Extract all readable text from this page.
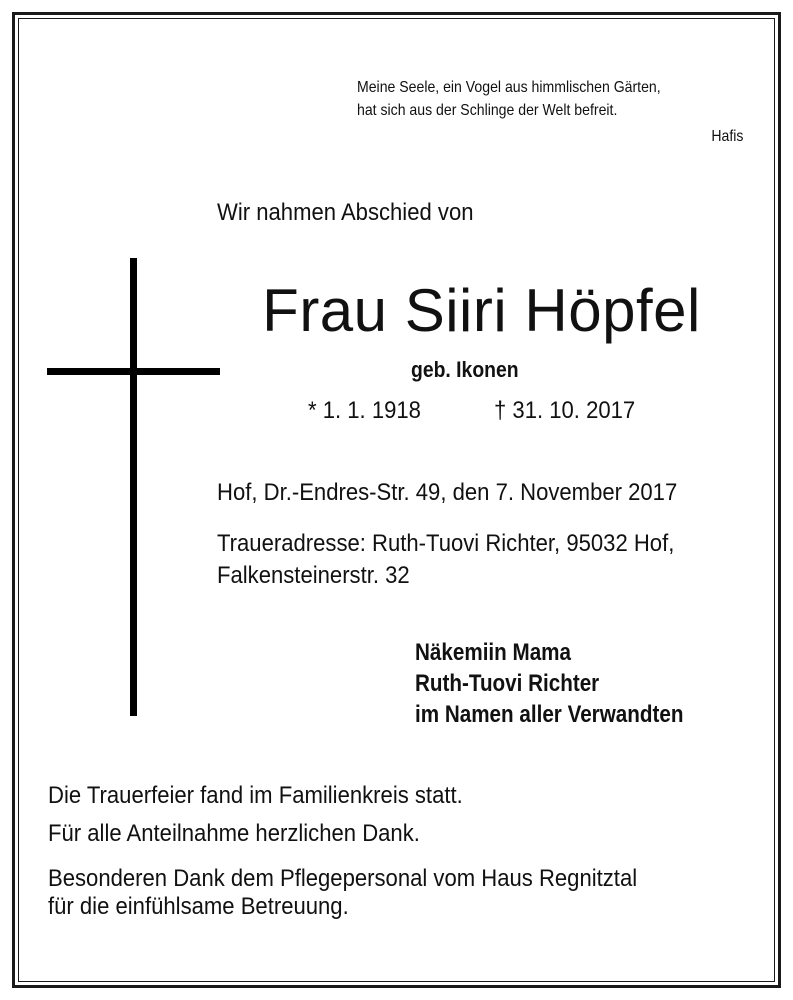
Meine Seele, ein Vogel aus himmlischen Gärten,
hat sich aus der Schlinge der Welt befreit.
Hafis
Wir nahmen Abschied von
Frau Siiri Höpfel
geb. Ikonen
* 1. 1. 1918	† 31. 10. 2017
Hof, Dr.-Endres-Str. 49, den 7. November 2017
Traueradresse: Ruth-Tuovi Richter, 95032 Hof,
Falkensteinerstr. 32
Näkemiin Mama
Ruth-Tuovi Richter
im Namen aller Verwandten
Die Trauerfeier fand im Familienkreis statt.
Für alle Anteilnahme herzlichen Dank.
Besonderen Dank dem Pflegepersonal vom Haus Regnitztal
für die einfühlsame Betreuung.
